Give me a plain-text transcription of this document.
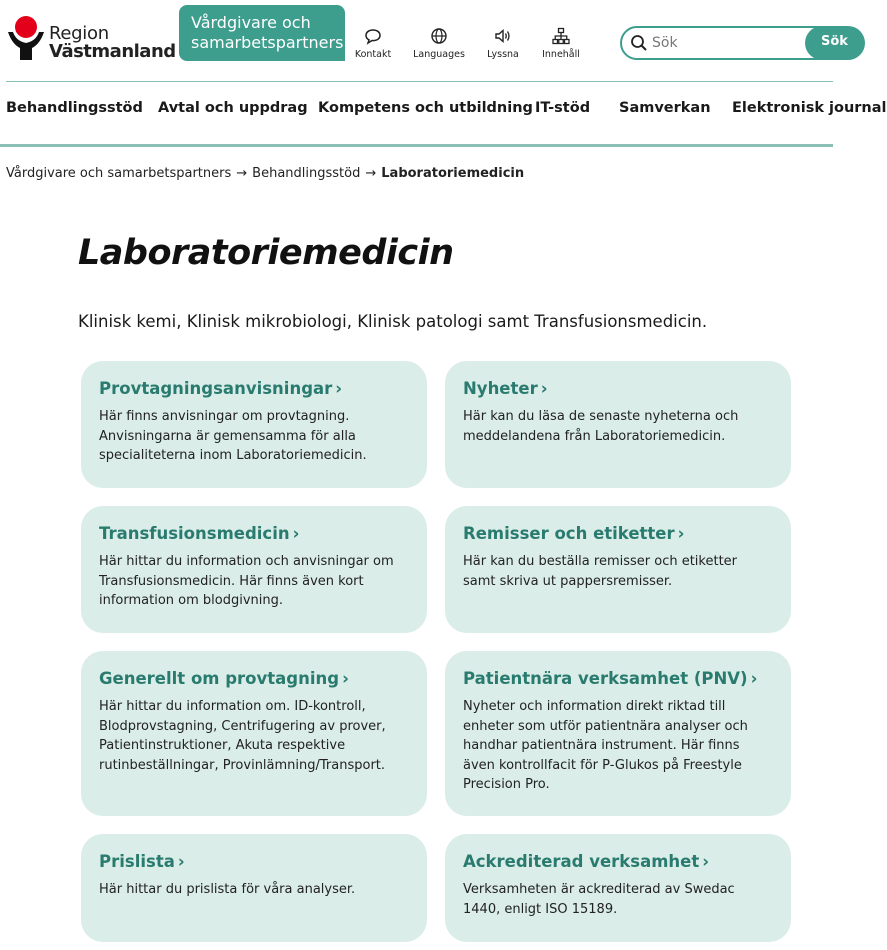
Region
Västmanland
Vårdgivare och samarbetspartners
Kontakt	Languages	Lyssna	Innehåll
Sök
Sök
Behandlingsstöd Avtal och uppdrag Kompetens och utbildning IT-stöd Samverkan Elektronisk journal
Vårdgivare och samarbetspartners → Behandlingsstöd → Laboratoriemedicin
Laboratoriemedicin

Klinisk kemi, Klinisk mikrobiologi, Klinisk patologi samt Transfusionsmedicin.

Provtagningsanvisningar ›

Här finns anvisningar om provtagning. Anvisningarna är gemensamma för alla specialiteterna inom Laboratoriemedicin.

Nyheter ›

Här kan du läsa de senaste nyheterna och meddelandena från Laboratoriemedicin.

Transfusionsmedicin ›

Här hittar du information och anvisningar om Transfusionsmedicin. Här finns även kort information om blodgivning.

Remisser och etiketter ›

Här kan du beställa remisser och etiketter samt skriva ut pappersremisser.

Generellt om provtagning ›

Här hittar du information om. ID-kontroll, Blodprovstagning, Centrifugering av prover, Patientinstruktioner, Akuta respektive rutinbeställningar, Provinlämning/Transport.

Patientnära verksamhet (PNV) ›

Nyheter och information direkt riktad till enheter som utför patientnära analyser och handhar patientnära instrument. Här finns även kontrollfacit för P-Glukos på Freestyle Precision Pro.

Prislista ›

Här hittar du prislista för våra analyser.

Ackrediterad verksamhet ›

Verksamheten är ackrediterad av Swedac 1440, enligt ISO 15189.
